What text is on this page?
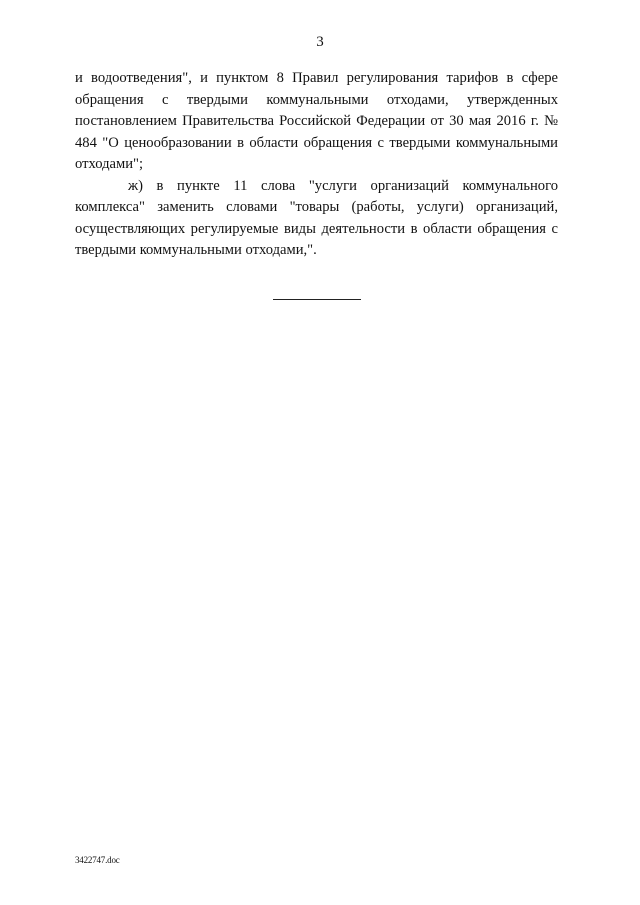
3

и водоотведения", и пунктом 8 Правил регулирования тарифов в сфере обращения с твердыми коммунальными отходами, утвержденных постановлением Правительства Российской Федерации от 30 мая 2016 г. № 484 "О ценообразовании в области обращения с твердыми коммунальными отходами";

ж) в пункте 11 слова "услуги организаций коммунального комплекса" заменить словами "товары (работы, услуги) организаций, осуществляющих регулируемые виды деятельности в области обращения с твердыми коммунальными отходами,".

3422747.doc
